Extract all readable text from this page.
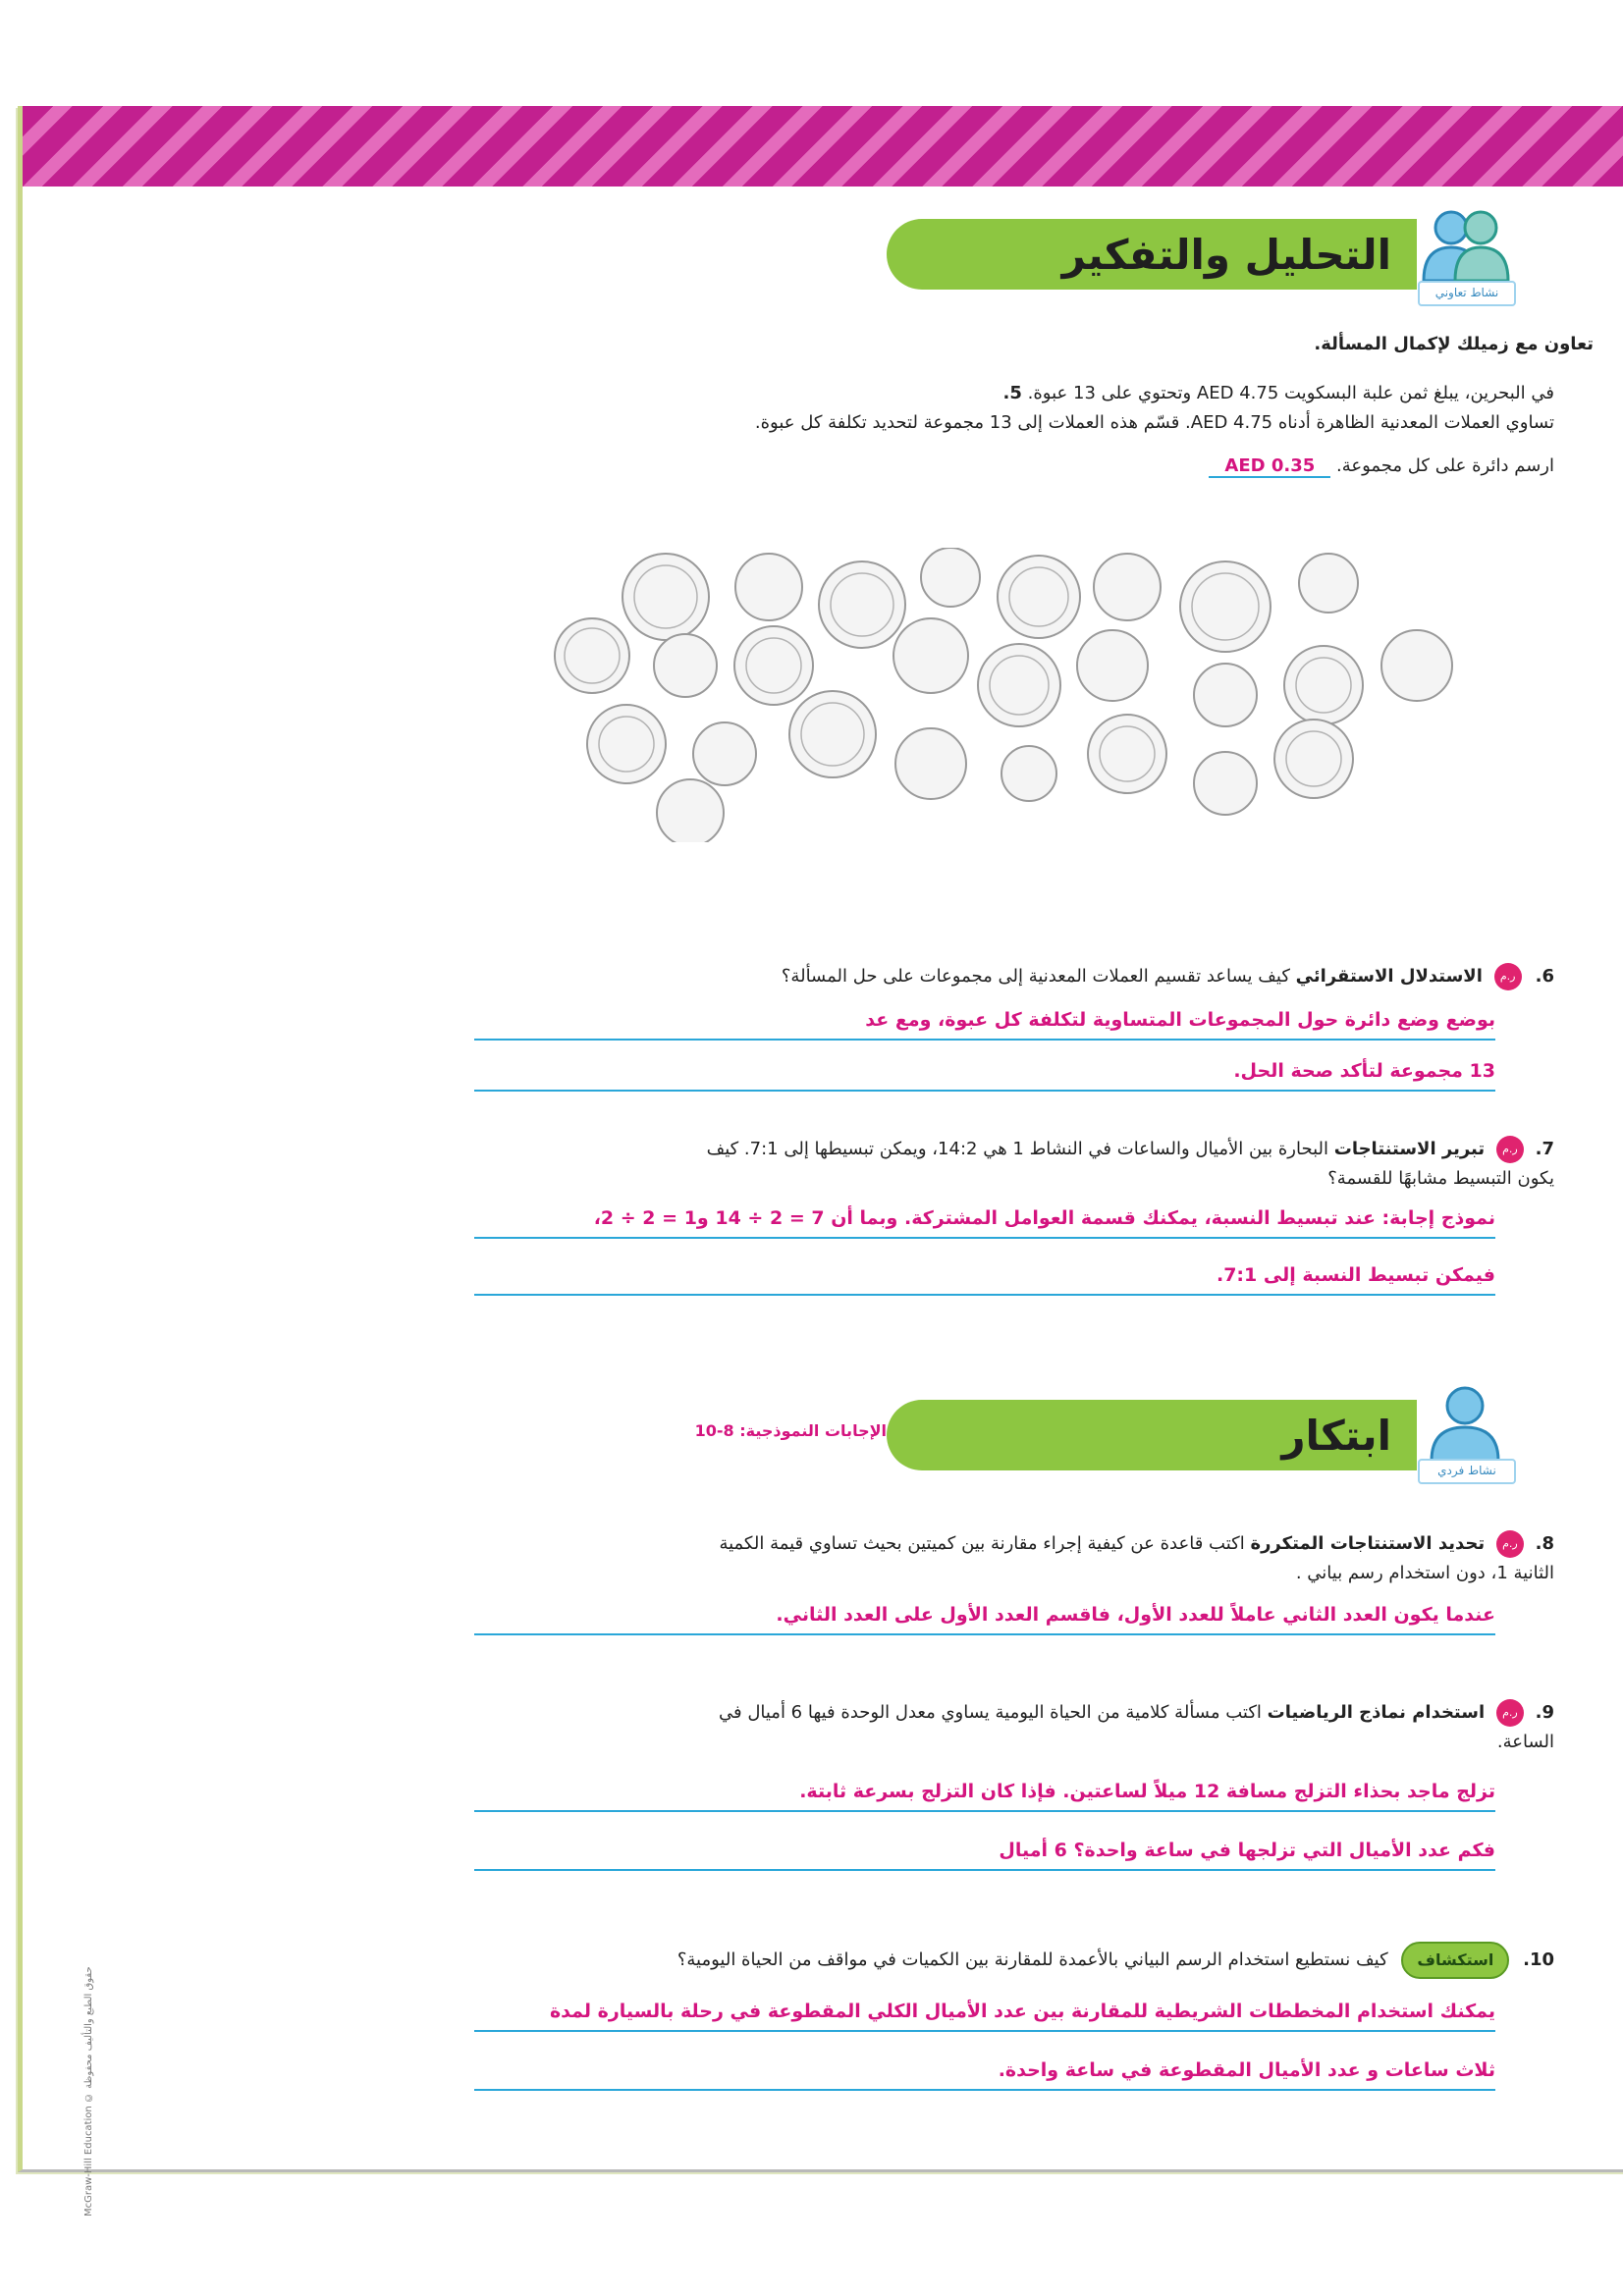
التحليل والتفكير
نشاط تعاوني
تعاون مع زميلك لإكمال المسألة.
في البحرين، يبلغ ثمن علبة البسكويت AED 4.75 وتحتوي على 13 عبوة. 5.
تساوي العملات المعدنية الظاهرة أدناه AED 4.75. قسّم هذه العملات إلى 13 مجموعة لتحديد تكلفة كل عبوة.
ارسم دائرة على كل مجموعة. AED 0.35
6.
ر.م الاستدلال الاستقرائي كيف يساعد تقسيم العملات المعدنية إلى مجموعات على حل المسألة؟
بوضع وضع دائرة حول المجموعات المتساوية لتكلفة كل عبوة، ومع عد
13 مجموعة لتأكد صحة الحل.
7. ر.م تبرير الاستنتاجات البحارة بين الأميال والساعات في النشاط 1 هي 14:2، ويمكن تبسيطها إلى 7:1. كيف
يكون التبسيط مشابهًا للقسمة؟
نموذج إجابة: عند تبسيط النسبة، يمكنك قسمة العوامل المشتركة. وبما أن 7 = 2 ÷ 14 و1 = 2 ÷ 2،
فيمكن تبسيط النسبة إلى 7:1.
ابتكار
الإجابات النموذجية: 8-10
نشاط فردي
8. ر.م تحديد الاستنتاجات المتكررة اكتب قاعدة عن كيفية إجراء مقارنة بين كميتين بحيث تساوي قيمة الكمية
الثانية 1، دون استخدام رسم بياني .
عندما يكون العدد الثاني عاملاً للعدد الأول، فاقسم العدد الأول على العدد الثاني.
9. ر.م استخدام نماذج الرياضيات اكتب مسألة كلامية من الحياة اليومية يساوي معدل الوحدة فيها 6 أميال في
الساعة.
تزلج ماجد بحذاء التزلج مسافة 12 ميلاً لساعتين. فإذا كان التزلج بسرعة ثابتة.
فكم عدد الأميال التي تزلجها في ساعة واحدة؟ 6 أميال
10. استكشاف كيف نستطيع استخدام الرسم البياني بالأعمدة للمقارنة بين الكميات في مواقف من الحياة اليومية؟
يمكنك استخدام المخططات الشريطية للمقارنة بين عدد الأميال الكلي المقطوعة في رحلة بالسيارة لمدة
ثلاث ساعات و عدد الأميال المقطوعة في ساعة واحدة.
McGraw-Hill Education © حقوق الطبع والتأليف محفوظة
